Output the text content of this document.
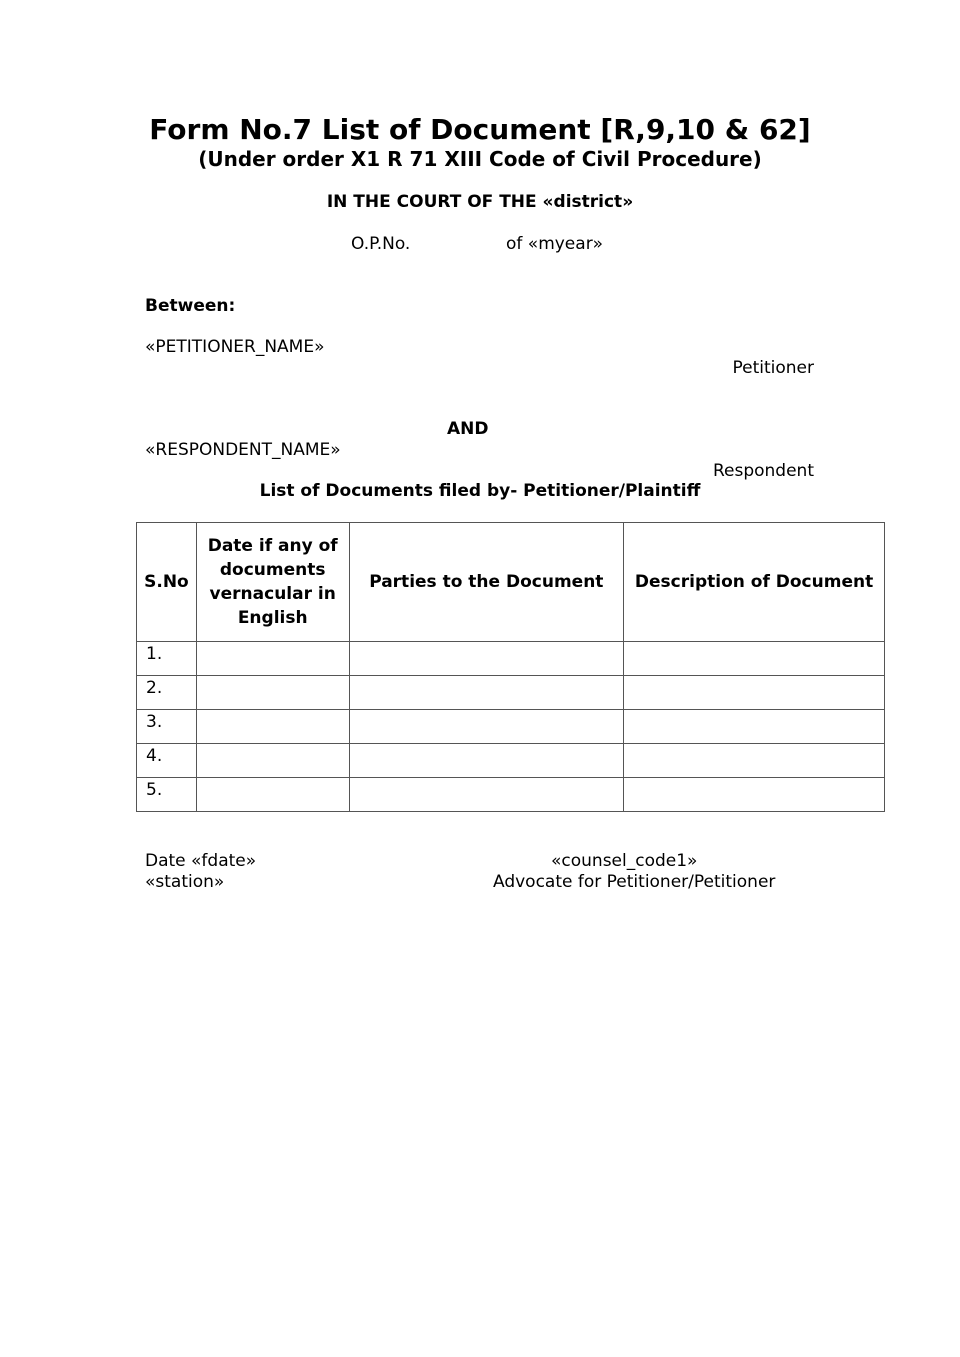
Form No.7 List of Document [R,9,10 & 62]
(Under order X1 R 71 XIII Code of Civil Procedure)
IN THE COURT OF THE «district»
O.P.No.	of «myear»
Between:
«PETITIONER_NAME»
Petitioner
AND
«RESPONDENT_NAME»
Respondent
List of Documents filed by- Petitioner/Plaintiff
S.No	Date if any of documents vernacular in English	Parties to the Document	Description of Document
1.			
2.			
3.			
4.			
5.			
Date «fdate»
«station»
«counsel_code1»
Advocate for Petitioner/Petitioner
